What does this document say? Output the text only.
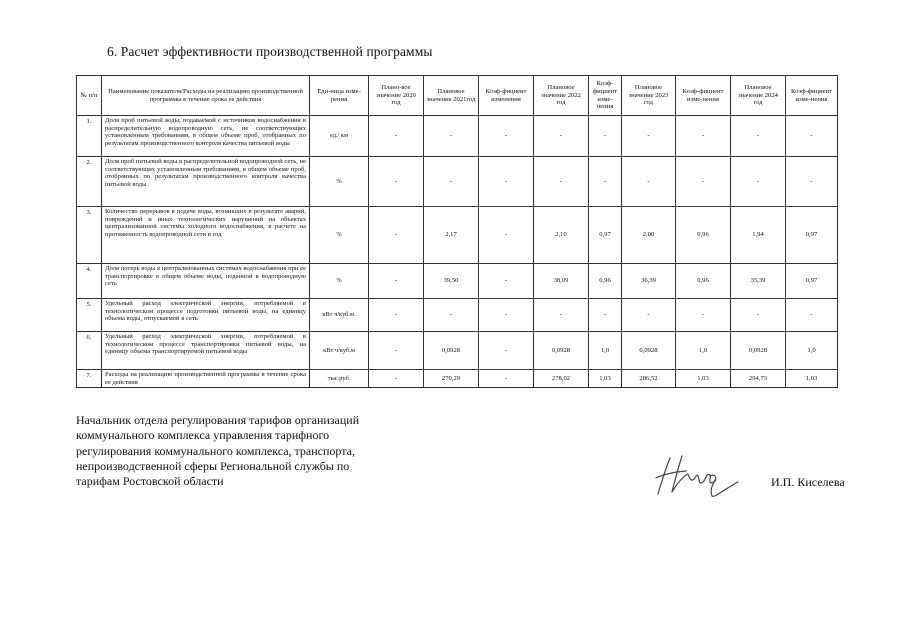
6. Расчет эффективности производственной программы
№ п/п	Наименование показателя/Расходы на реализацию производственной программы в течение срока ее действия	Еди-ница изме-рения	Плано-вое значение 2020 год	Плановое значение 2021год	Коэф-фициент изменения	Плановое значение 2022 год	Коэф-фициент изме-нения	Плановое значение 2023 год	Коэф-фициент изме-нения	Плановое значение 2024 год	Коэф-фициент изме-нения
1.	Доля проб питьевой воды, подаваемой с источников водоснабжения в распределительную водопроводную сеть, не соответствующих установленным требованиям, в общем объеме проб, отобранных по результатам производственного контроля качества питьевой воды	ед./ км	-	-	-	-	-	-	-	-	-
2.	Доля проб питьевой воды в распределительной водопроводной сеть, не соответствующих установленным требованиям, в общем объеме проб, отобранных по результатам производственного контроля качества питьевой воды	%	-	-	-	-	-	-	-	-	-
3.	Количество перерывов в подаче воды, возникших в результате аварий, повреждений и иных технологических нарушений на объектах централизованной системы холодного водоснабжения, в расчете на протяженность водопроводной сети в год	%	-	2,17	-	2,10	0,97	2,00	0,96	1,94	0,97
4.	Доля потерь воды в централизованных системах водоснабжения при ее транспортировке в общем объеме воды, поданной в водопроводную сеть	%	-	39,50	-	38,09	0,96	36,39	0,96	35,39	0,97
5.	Удельный расход электрической энергии, потребляемой в технологическом процессе подготовки питьевой воды, на единицу объема воды, отпускаемой в сеть	кВт ч/куб.м.	-	-	-	-	-	-	-	-	-
6.	Удельный расход электрической энергии, потребляемой в технологическом процессе транспортировки питьевой воды, на единицу объема транспортируемой питьевой воды	кВт ч/куб.м	-	0,0928	-	0,0928	1,0	0,0928	1,0	0,0928	1,0
7.	Расходы на реализацию производственной программы в течение срока ее действия	тыс.руб.	-	270,29	-	278,02	1,03	286,52	1,03	294,73	1,03
Начальник отдела регулирования тарифов организаций
коммунального комплекса управления тарифного
регулирования коммунального комплекса, транспорта,
непроизводственной сферы Региональной службы по
тарифам Ростовской области	И.П. Киселева
